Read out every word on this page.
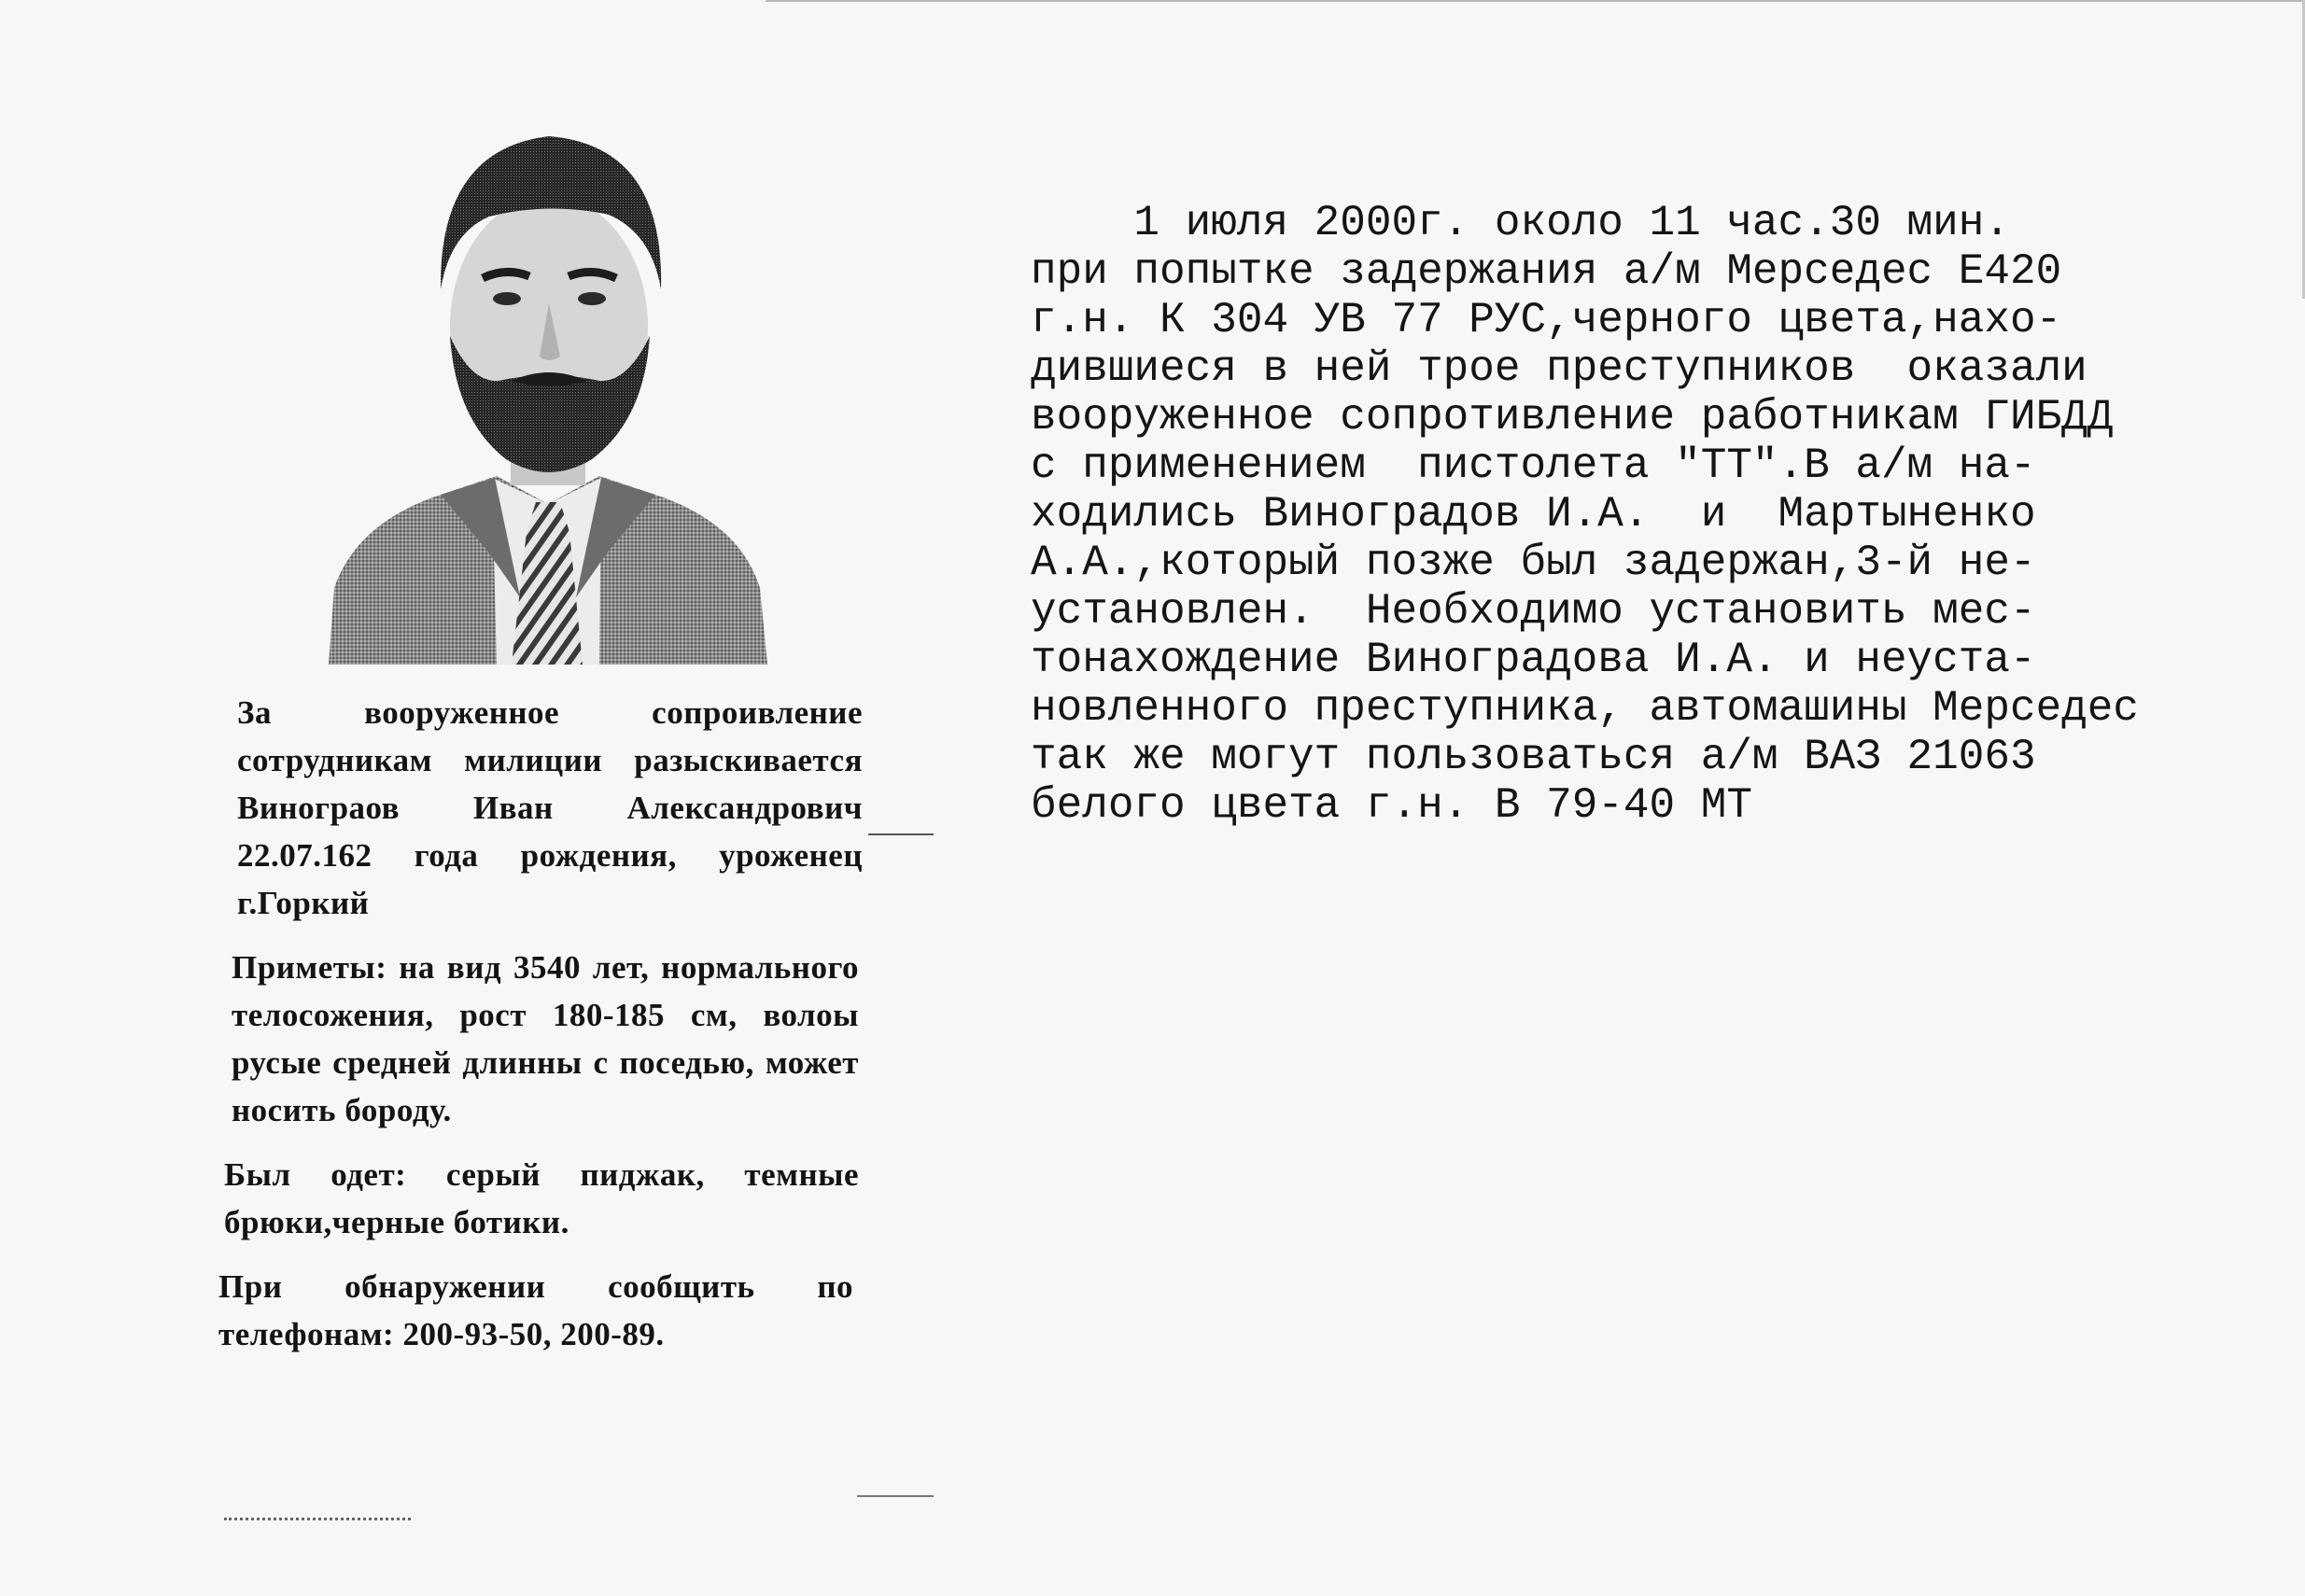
За вооруженное сопроивление сотрудникам милиции разыскивается Винограов Иван Александрович 22.07.162 года рождения, уроженец г.Горкий

Приметы: на вид 3540 лет, нормального телосожения, рост 180-185 см, волоы русые средней длинны с поседью, может носить бороду.

Был одет: серый пиджак, темные брюки,черные ботики.

При обнаружении сообщить по телефонам: 200-93-50, 200-89.

1 июля 2000г. около 11 час.30 мин.
при попытке задержания а/м Мерседес Е420
г.н. К 304 УВ 77 РУС,черного цвета,нахо-
дившиеся в ней трое преступников  оказали
вооруженное сопротивление работникам ГИБДД
с применением  пистолета "ТТ".В а/м на-
ходились Виноградов И.А.  и  Мартыненко
А.А.,который позже был задержан,3-й не-
установлен.  Необходимо установить мес-
тонахождение Виноградова И.А. и неуста-
новленного преступника, автомашины Мерседес
так же могут пользоваться а/м ВАЗ 21063
белого цвета г.н. В 79-40 МТ
